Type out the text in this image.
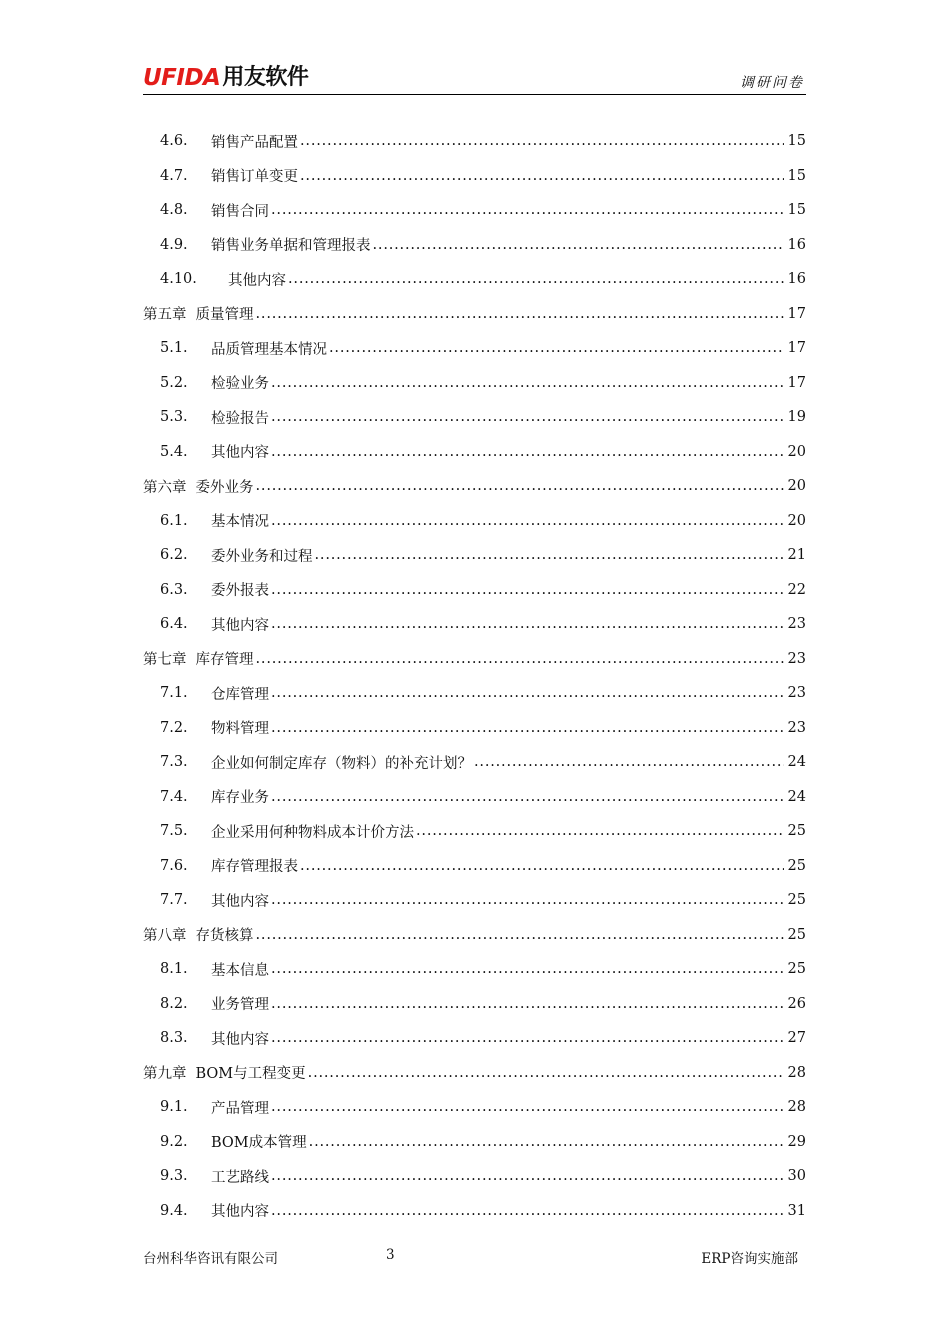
UFIDA 用友软件	调研问卷
4.6.	销售产品配置 .....	15
4.7.	销售订单变更 .....	15
4.8.	销售合同 .....	15
4.9.	销售业务单据和管理报表 .....	16
4.10.	其他内容 .....	16
第五章 质量管理 .....	17
5.1.	品质管理基本情况 .....	17
5.2.	检验业务 .....	17
5.3.	检验报告 .....	19
5.4.	其他内容 .....	20
第六章 委外业务 .....	20
6.1.	基本情况 .....	20
6.2.	委外业务和过程 .....	21
6.3.	委外报表 .....	22
6.4.	其他内容 .....	23
第七章 库存管理 .....	23
7.1.	仓库管理 .....	23
7.2.	物料管理 .....	23
7.3.	企业如何制定库存（物料）的补充计划？ .....	24
7.4.	库存业务 .....	24
7.5.	企业采用何种物料成本计价方法 .....	25
7.6.	库存管理报表 .....	25
7.7.	其他内容 .....	25
第八章 存货核算 .....	25
8.1.	基本信息 .....	25
8.2.	业务管理 .....	26
8.3.	其他内容 .....	27
第九章 BOM与工程变更 .....	28
9.1.	产品管理 .....	28
9.2.	BOM成本管理 .....	29
9.3.	工艺路线 .....	30
9.4.	其他内容 .....	31
台州科华咨讯有限公司	3	ERP咨询实施部
